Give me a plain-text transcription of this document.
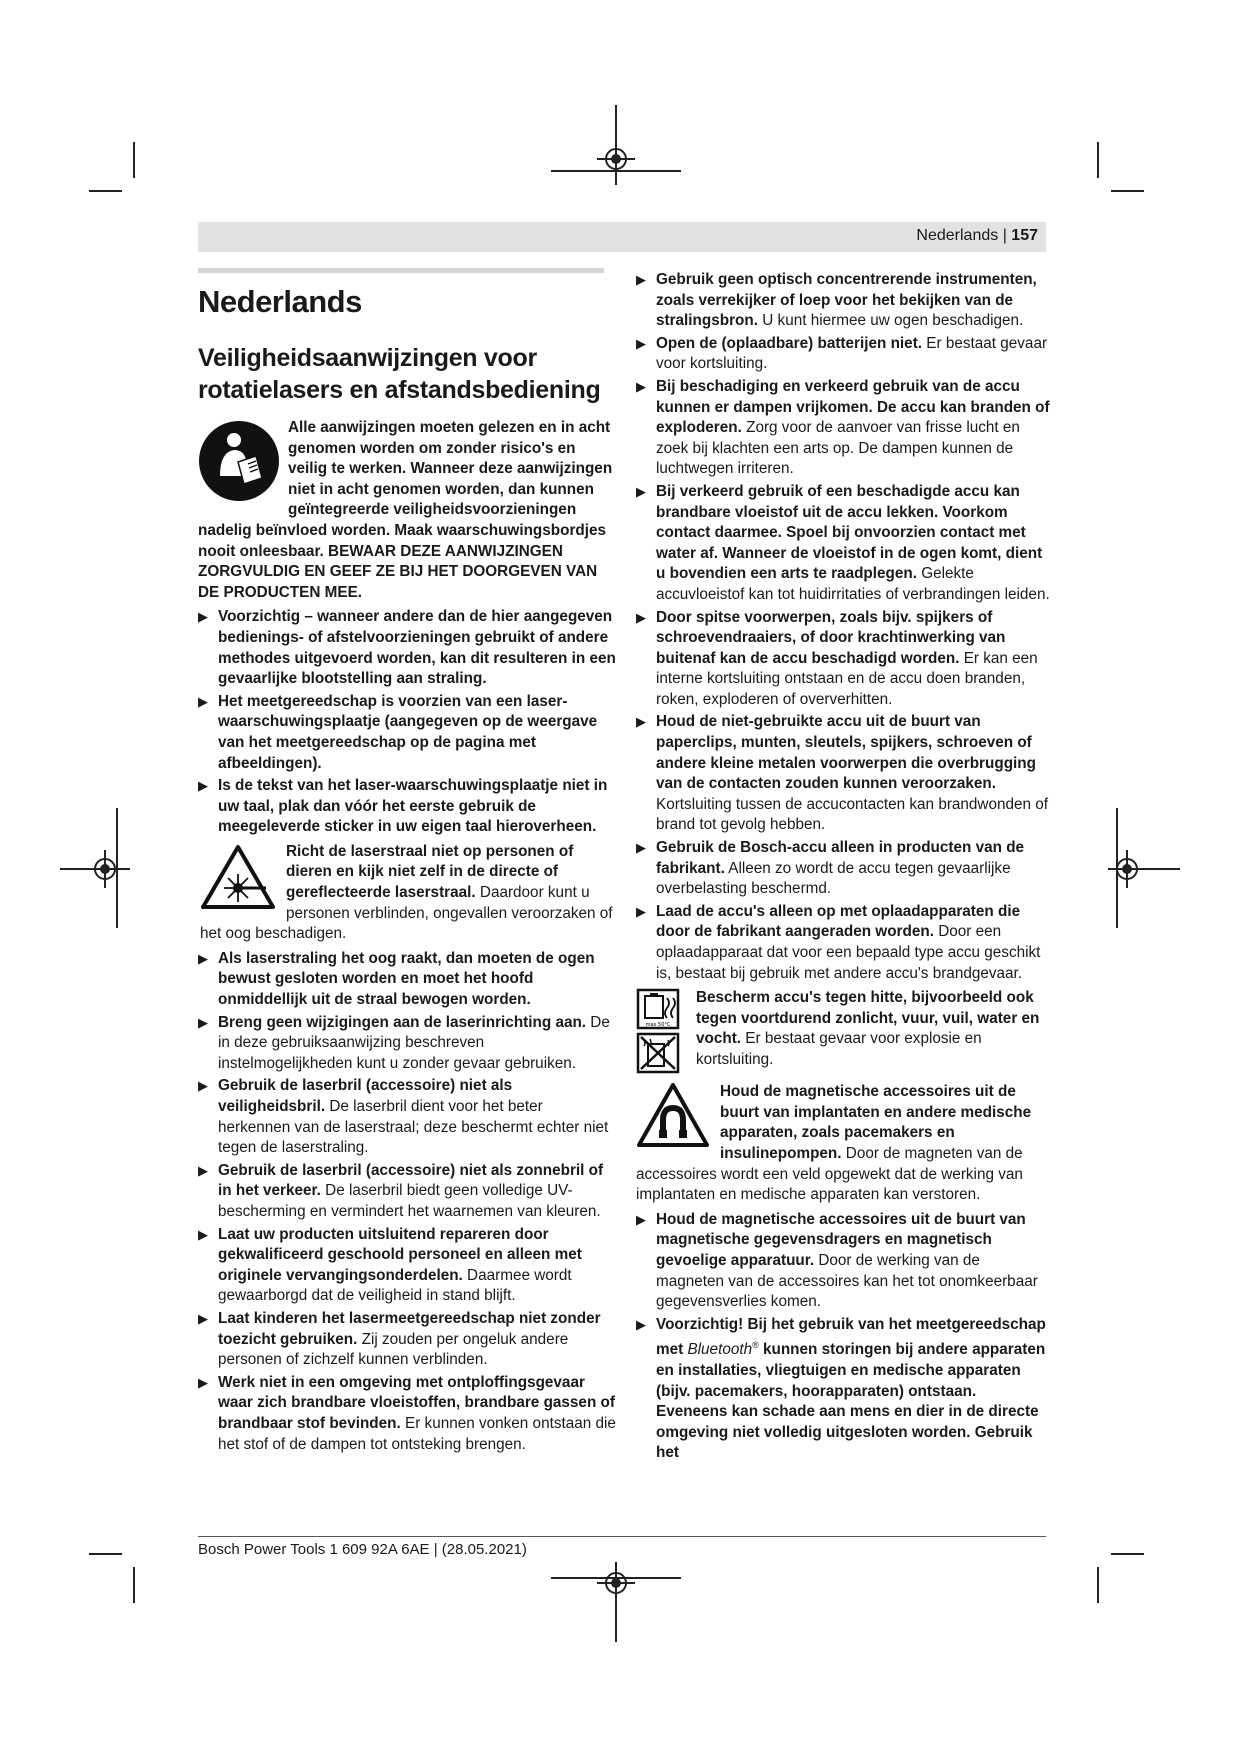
Nederlands | 157
Nederlands
Veiligheidsaanwijzingen voor rotatielasers en afstandsbediening

Alle aanwijzingen moeten gelezen en in acht genomen worden om zonder risico's en veilig te werken. Wanneer deze aanwijzingen niet in acht genomen worden, dan kunnen geïntegreerde veiligheidsvoorzieningen nadelig beïnvloed worden. Maak waarschuwingsbordjes nooit onleesbaar. BEWAAR DEZE AANWIJZINGEN ZORGVULDIG EN GEEF ZE BIJ HET DOORGEVEN VAN DE PRODUCTEN MEE.

▶ Voorzichtig – wanneer andere dan de hier aangegeven bedienings- of afstelvoorzieningen gebruikt of andere methodes uitgevoerd worden, kan dit resulteren in een gevaarlijke blootstelling aan straling.
▶ Het meetgereedschap is voorzien van een laser-waarschuwingsplaatje (aangegeven op de weergave van het meetgereedschap op de pagina met afbeeldingen).
▶ Is de tekst van het laser-waarschuwingsplaatje niet in uw taal, plak dan vóór het eerste gebruik de meegeleverde sticker in uw eigen taal hieroverheen.

Richt de laserstraal niet op personen of dieren en kijk niet zelf in de directe of gereflecteerde laserstraal. Daardoor kunt u personen verblinden, ongevallen veroorzaken of het oog beschadigen.

▶ Als laserstraling het oog raakt, dan moeten de ogen bewust gesloten worden en moet het hoofd onmiddellijk uit de straal bewogen worden.
▶ Breng geen wijzigingen aan de laserinrichting aan. De in deze gebruiksaanwijzing beschreven instelmogelijkheden kunt u zonder gevaar gebruiken.
▶ Gebruik de laserbril (accessoire) niet als veiligheidsbril. De laserbril dient voor het beter herkennen van de laserstraal; deze beschermt echter niet tegen de laserstraling.
▶ Gebruik de laserbril (accessoire) niet als zonnebril of in het verkeer. De laserbril biedt geen volledige UV-bescherming en vermindert het waarnemen van kleuren.
▶ Laat uw producten uitsluitend repareren door gekwalificeerd geschoold personeel en alleen met originele vervangingsonderdelen. Daarmee wordt gewaarborgd dat de veiligheid in stand blijft.
▶ Laat kinderen het lasermeetgereedschap niet zonder toezicht gebruiken. Zij zouden per ongeluk andere personen of zichzelf kunnen verblinden.
▶ Werk niet in een omgeving met ontploffingsgevaar waar zich brandbare vloeistoffen, brandbare gassen of brandbaar stof bevinden. Er kunnen vonken ontstaan die het stof of de dampen tot ontsteking brengen.
▶ Gebruik geen optisch concentrerende instrumenten, zoals verrekijker of loep voor het bekijken van de stralingsbron. U kunt hiermee uw ogen beschadigen.
▶ Open de (oplaadbare) batterijen niet. Er bestaat gevaar voor kortsluiting.
▶ Bij beschadiging en verkeerd gebruik van de accu kunnen er dampen vrijkomen. De accu kan branden of exploderen. Zorg voor de aanvoer van frisse lucht en zoek bij klachten een arts op. De dampen kunnen de luchtwegen irriteren.
▶ Bij verkeerd gebruik of een beschadigde accu kan brandbare vloeistof uit de accu lekken. Voorkom contact daarmee. Spoel bij onvoorzien contact met water af. Wanneer de vloeistof in de ogen komt, dient u bovendien een arts te raadplegen. Gelekte accuvloeistof kan tot huidirritaties of verbrandingen leiden.
▶ Door spitse voorwerpen, zoals bijv. spijkers of schroevendraaiers, of door krachtinwerking van buitenaf kan de accu beschadigd worden. Er kan een interne kortsluiting ontstaan en de accu doen branden, roken, exploderen of oververhitten.
▶ Houd de niet-gebruikte accu uit de buurt van paperclips, munten, sleutels, spijkers, schroeven of andere kleine metalen voorwerpen die overbrugging van de contacten zouden kunnen veroorzaken. Kortsluiting tussen de accucontacten kan brandwonden of brand tot gevolg hebben.
▶ Gebruik de Bosch-accu alleen in producten van de fabrikant. Alleen zo wordt de accu tegen gevaarlijke overbelasting beschermd.
▶ Laad de accu's alleen op met oplaadapparaten die door de fabrikant aangeraden worden. Door een oplaadapparaat dat voor een bepaald type accu geschikt is, bestaat bij gebruik met andere accu's brandgevaar.
max 50°C

Bescherm accu's tegen hitte, bijvoorbeeld ook tegen voortdurend zonlicht, vuur, vuil, water en vocht. Er bestaat gevaar voor explosie en kortsluiting.

Houd de magnetische accessoires uit de buurt van implantaten en andere medische apparaten, zoals pacemakers en insulinepompen. Door de magneten van de accessoires wordt een veld opgewekt dat de werking van implantaten en medische apparaten kan verstoren.

▶ Houd de magnetische accessoires uit de buurt van magnetische gegevensdragers en magnetisch gevoelige apparatuur. Door de werking van de magneten van de accessoires kan het tot onomkeerbaar gegevensverlies komen.
▶ Voorzichtig! Bij het gebruik van het meetgereedschap met Bluetooth® kunnen storingen bij andere apparaten en installaties, vliegtuigen en medische apparaten (bijv. pacemakers, hoorapparaten) ontstaan. Eveneens kan schade aan mens en dier in de directe omgeving niet volledig uitgesloten worden. Gebruik het
Bosch Power Tools 1 609 92A 6AE | (28.05.2021)
